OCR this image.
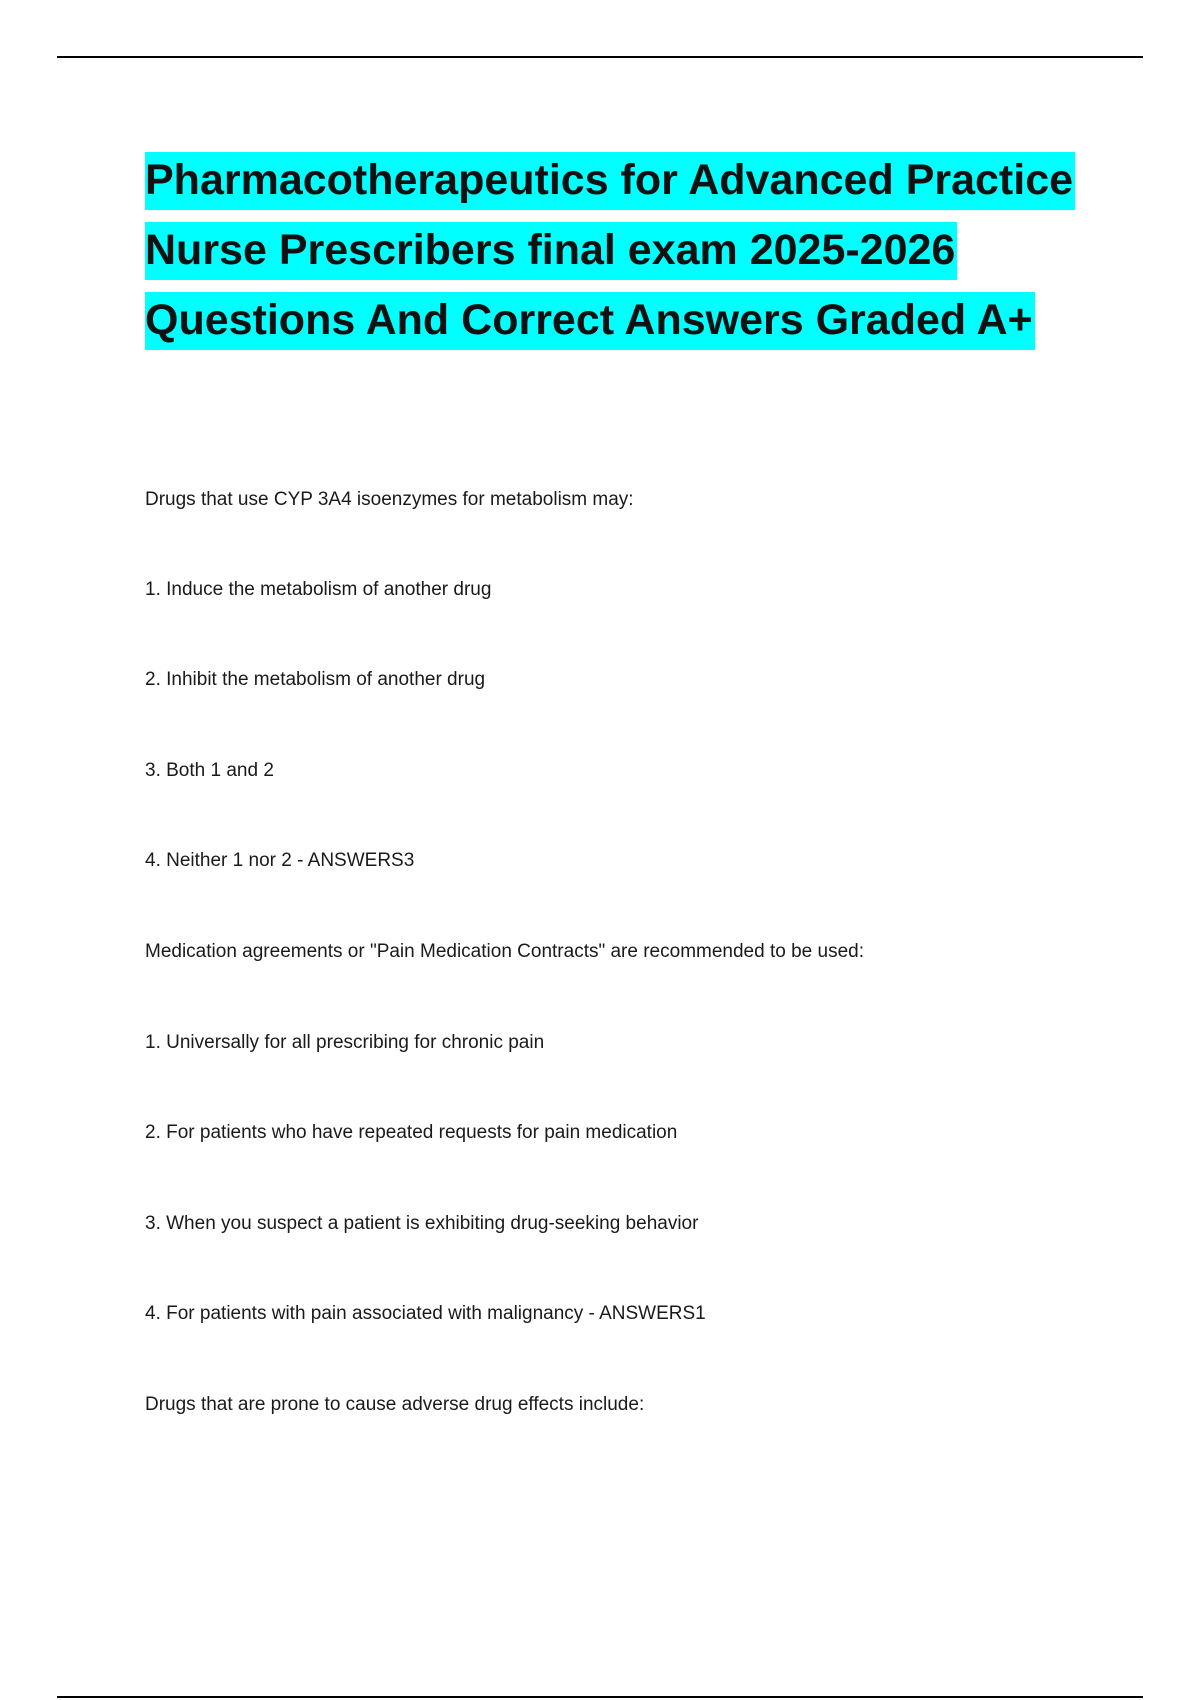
Pharmacotherapeutics for Advanced Practice Nurse Prescribers final exam 2025-2026 Questions And Correct Answers Graded A+

Drugs that use CYP 3A4 isoenzymes for metabolism may:

1. Induce the metabolism of another drug

2. Inhibit the metabolism of another drug

3. Both 1 and 2

4. Neither 1 nor 2 - ANSWERS3

Medication agreements or "Pain Medication Contracts" are recommended to be used:

1. Universally for all prescribing for chronic pain

2. For patients who have repeated requests for pain medication

3. When you suspect a patient is exhibiting drug-seeking behavior

4. For patients with pain associated with malignancy - ANSWERS1

Drugs that are prone to cause adverse drug effects include:
